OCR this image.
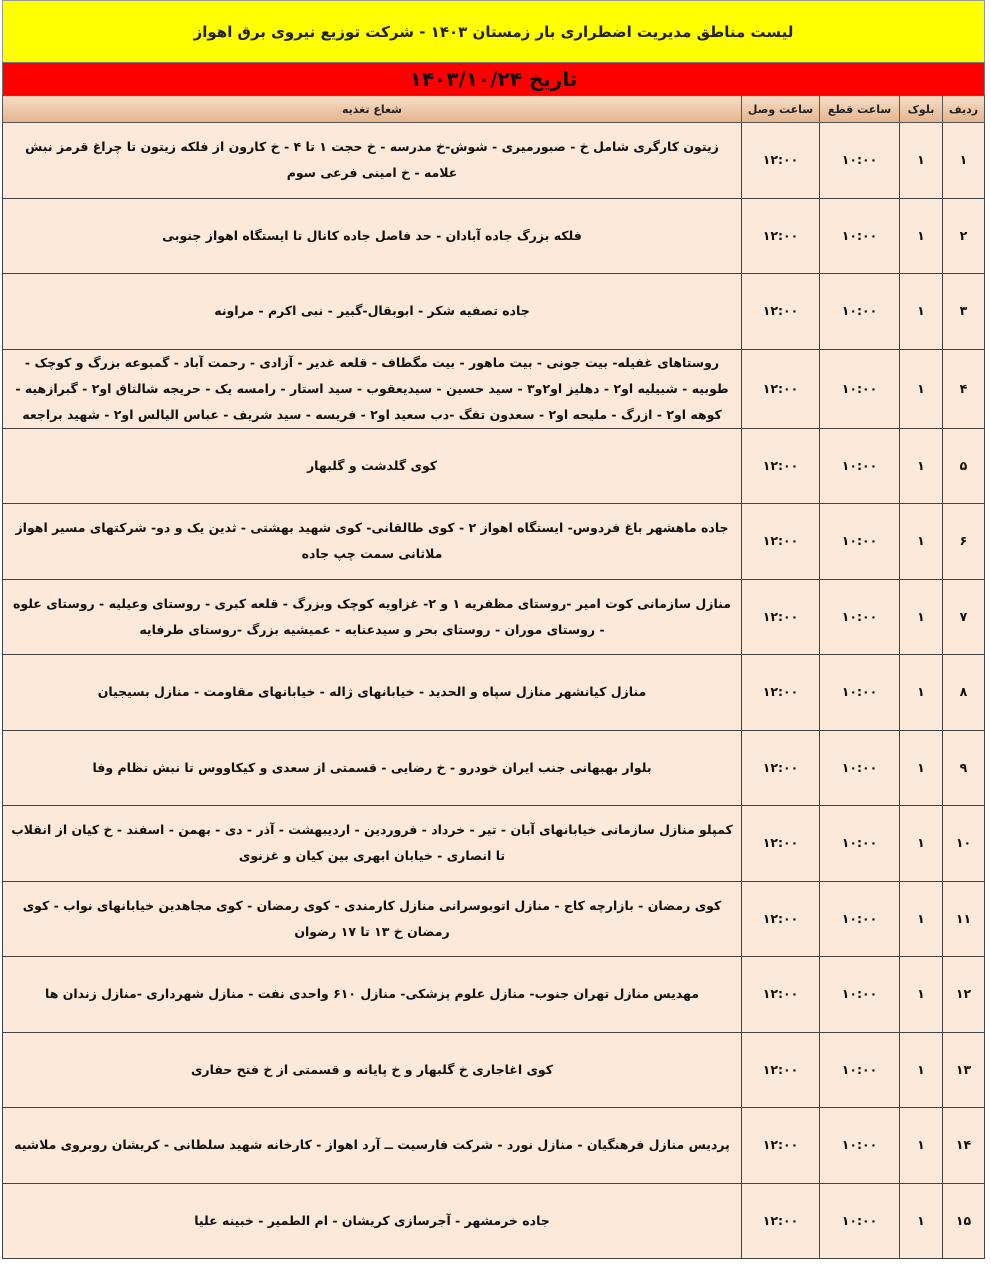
لیست مناطق مدیریت اضطراری بار زمستان ۱۴۰۳ - شرکت توزیع نیروی برق اهواز
تاریخ ۱۴۰۳/۱۰/۲۴
ردیف	بلوک	ساعت قطع	ساعت وصل	شعاع تغذیه
۱	۱	۱۰:۰۰	۱۲:۰۰	زیتون کارگری شامل خ - صبورمیری - شوش-خ مدرسه - خ حجت ۱ تا ۴ - خ کارون از فلکه زیتون تا چراغ قرمز نبش علامه - خ امینی فرعی سوم
۲	۱	۱۰:۰۰	۱۲:۰۰	فلکه بزرگ جاده آبادان - حد فاصل جاده کانال تا ایستگاه اهواز جنوبی
۳	۱	۱۰:۰۰	۱۲:۰۰	جاده تصفیه شکر - ابوبقال-گبیر - نبی اکرم - مراونه
۴	۱	۱۰:۰۰	۱۲:۰۰	روستاهای غفیله- بیت جونی - بیت ماهور - بیت مگطاف - قلعه غدیر - آزادی - رحمت آباد - گمبوعه بزرگ و کوچک - طوبیه - شبیلیه او۲ - دهلیز او۲و۳ - سید حسین - سیدیعقوب - سید استار - رامسه یک - حریجه شالتاق او۲ - گبرازهیه - کوهه او۲ - ازرگ - ملیحه او۲ - سعدون تفگ -دب سعید او۲ - فریسه - سید شریف - عباس الیالس او۲ - شهید براجعه
۵	۱	۱۰:۰۰	۱۲:۰۰	کوی گلدشت و گلبهار
۶	۱	۱۰:۰۰	۱۲:۰۰	جاده ماهشهر باغ فردوس- ایستگاه اهواز ۲ - کوی طالقانی- کوی شهید بهشتی - ثدین یک و دو- شرکتهای مسیر اهواز ملاثانی سمت چپ جاده
۷	۱	۱۰:۰۰	۱۲:۰۰	منازل سازمانی کوت امیر -روستای مظفریه ۱ و ۲- غزاویه کوچک وبزرگ - قلعه کبری - روستای وعیلیه - روستای علوه - روستای موران - روستای بحر و سیدعنایه - عمیشیه بزرگ -روستای طرفایه
۸	۱	۱۰:۰۰	۱۲:۰۰	منازل کیانشهر منازل سپاه و الحدید - خیابانهای ژاله - خیابانهای مقاومت - منازل بسیجیان
۹	۱	۱۰:۰۰	۱۲:۰۰	بلوار بهبهانی جنب ایران خودرو - خ رضایی - قسمتی از سعدی و کیکاووس تا نبش نظام وفا
۱۰	۱	۱۰:۰۰	۱۲:۰۰	کمپلو منازل سازمانی خیابانهای آبان - تیر - خرداد - فروردین - اردیبهشت - آذر - دی - بهمن - اسفند - خ کیان از انقلاب تا انصاری - خیابان ابهری بین کیان و غزنوی
۱۱	۱	۱۰:۰۰	۱۲:۰۰	کوی رمضان - بازارچه کاج - منازل اتوبوسرانی منازل کارمندی - کوی رمضان - کوی مجاهدین خیابانهای نواب - کوی رمضان خ ۱۳ تا ۱۷ رضوان
۱۲	۱	۱۰:۰۰	۱۲:۰۰	مهدیس منازل تهران جنوب- منازل علوم پزشکی- منازل ۶۱۰ واحدی نفت - منازل شهرداری -منازل زندان ها
۱۳	۱	۱۰:۰۰	۱۲:۰۰	کوی اغاجاری خ گلبهار و خ پایانه و قسمتی از خ فتح حفاری
۱۴	۱	۱۰:۰۰	۱۲:۰۰	پردیس منازل فرهنگیان - منازل نورد - شرکت فارسیت ــ آرد اهواز - کارخانه شهید سلطانی - کریشان روبروی ملاشیه
۱۵	۱	۱۰:۰۰	۱۲:۰۰	جاده خرمشهر - آجرسازی کریشان - ام الطمیر - خبینه علیا
